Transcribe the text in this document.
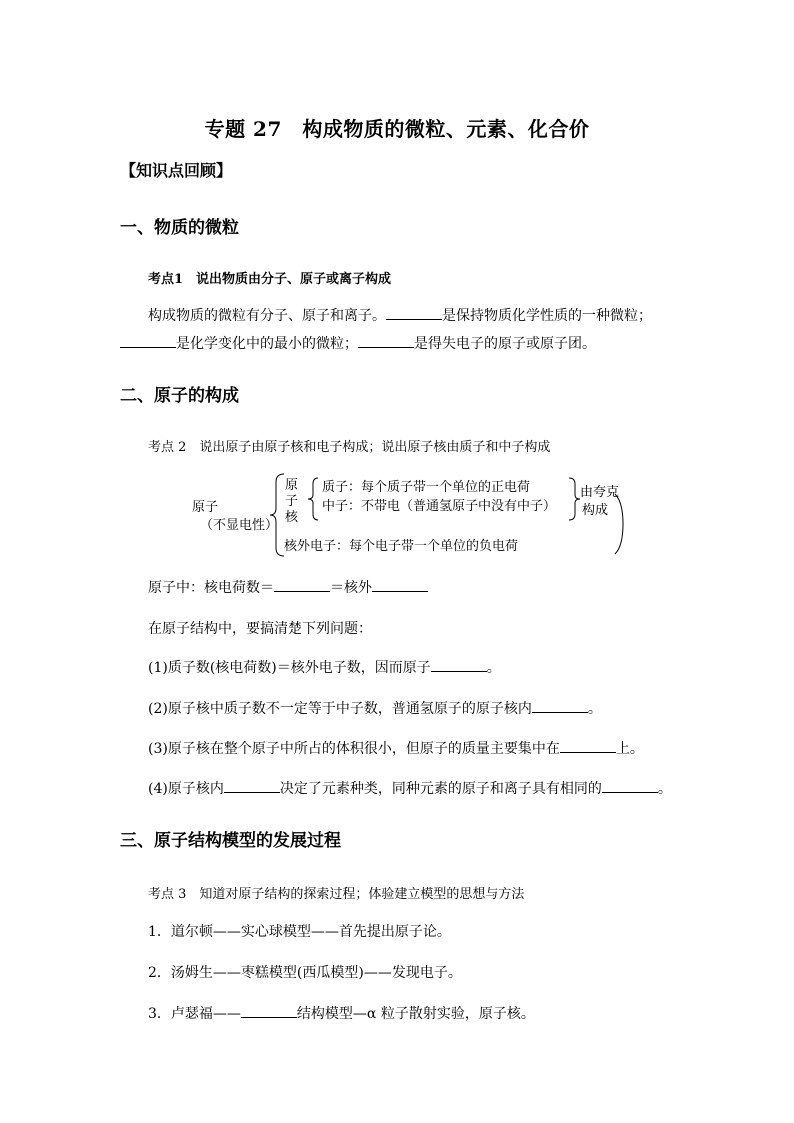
专题 27　构成物质的微粒、元素、化合价
【知识点回顾】
一、物质的微粒
考点1　说出物质由分子、原子或离子构成
构成物质的微粒有分子、原子和离子。	是保持物质化学性质的一种微粒；
是化学变化中的最小的微粒；	是得失电子的原子或原子团。
二、原子的构成
考点 2　说出原子由原子核和电子构成；说出原子核由质子和中子构成
原子
（不显电性）
原
子
核
质子：每个质子带一个单位的正电荷
中子：不带电（普通氢原子中没有中子）
由夸克
构成
核外电子：每个电子带一个单位的负电荷
原子中：核电荷数＝	＝核外
在原子结构中，要搞清楚下列问题：
(1)质子数(核电荷数)＝核外电子数，因而原子	。
(2)原子核中质子数不一定等于中子数，普通氢原子的原子核内	。
(3)原子核在整个原子中所占的体积很小，但原子的质量主要集中在	上。
(4)原子核内	决定了元素种类，同种元素的原子和离子具有相同的	。
三、原子结构模型的发展过程
考点 3　知道对原子结构的探索过程；体验建立模型的思想与方法
1．道尔顿——实心球模型——首先提出原子论。
2．汤姆生——枣糕模型(西瓜模型)——发现电子。
3．卢瑟福——	结构模型—α 粒子散射实验，原子核。
